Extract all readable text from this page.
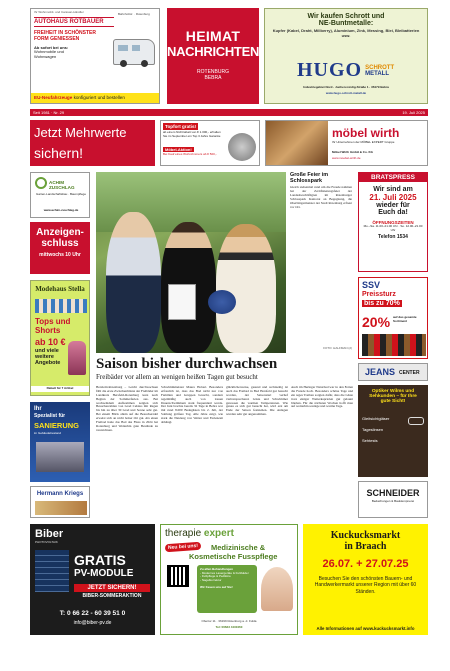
Ihr Wohnmobil- und Caravan-Händler
AUTOHAUS ROTBAUER
FREIHEIT IN SCHÖNSTER
FORM GENIESSEN
Ab sofort bei uns:
Wohnmobile und
Wohnwagen
Bahnhofstr. · Rotenburg
EU-Neufahrzeuge konfiguriert und bestellen
HEIMAT
NACHRICHTEN
ROTENBURG
BEBRA
Wir kaufen Schrott und
NE-Buntmetalle:
Kupfer (Kabel, Draht, Millberry), Aluminium, Zink, Messing, Blei, Bleibatterien usw.
HUGO SCHROTT
METALL
Industriegebiet Nord · Juchen-Lindig-Straße 1 · 36179 Bebra
www.hugo-schrott-metall.de
Seit 1981 · Nr. 29	19. Juli 2025
Jetzt Mehrwerte
sichern!
Topfort gratis!
ab einem Nichtrabatt von € 1.000,- erhalten Sie im September ein Top 3 Jahre Garantie
Möbel-Aktion!
Bei Kauf eines Wohnzimmers ab € 500,-
möbel wirth
Ihr Unternehmen der MÖBEL EXPERT Gruppe
Möbel Wirth GmbH & Co. KG
www.moebel-wirth.de
ACHIM ZUSCHLAG
Garten-Landschaftsbau · Baumpflege
www.achim-zuschlag.de
Anzeigen-
schluss
mittwochs 10 Uhr
Modehaus Stella
Tops und
Shorts
ab 10 €
und viele
weitere
Angebote
Rabatt für 7 Artikel
Ihr
Spezialist für
SANIERUNG
im Gebäudebestand
Hermann Kriegs
Große Feier im Schlosspark
Gleich siebenmal rund um die Freude nahmen bei der Zertifizierungsfeier der Landesbeschäftigten im Rotenburger Schlosspark Kantorat an Begegnung, die Oberbürgermeister der Stadt Rotenburg erfreut vor Ort.
FOTO: HALFMAN (2)
Saison bisher durchwachsen
Freibäder vor allem an wenigen heißen Tagen gut besucht
Hersfeld-Rotenburg – Leicht durchwachsen fällt die erste Zwischenbilanz der Freibäder im Landkreis Hersfeld-Rotenburg kurz nach Beginn der Sommerferien aus. Bei wechselndem Aufkommen zeigten sich Besucherzahlen von Grad Celsius mit Regen bis hin zu über 30 Grad und Sonne sehr gut. Bei einem Blick allein auf die Besucherzahl erweist sich an nicht hoher Ort gut. Als einen Freibad hatte das Bad das Fluss in 2024 bei Rotenburg und Weiterhin gute Bestände zu verzeichnen.
Schwimmmeister Maura Hobert. Besonders erfreulich ist, dass das Bad nicht nur von Familien und Gruppen besucht, sondern regelmäßig auch von treuen Dauerschwimmern stark frequentiert werde. Der Juni brachte bereits 32 Tage in Bebra war mit rund 8.000 Badegästen bis 2. Juli, der Sohlung größere Tag. Alle Jahre zeigt, wie stark die Nutzung von Wetter und Ferienzeit abhängt.
glücklicherweise, gesund und rechtzeitig ist auch das Freibad in Bad Hersfeld gut besucht worden, der Saisonstart verlief vielversprechend. Gäste und Schwimmer genossen die warmen Temperaturen. Wie genau es sich gut besucht hat, wird erst am Ende der Saison feststehen. Die Anlagen wurden sehr gut angenommen.
Auch im Heringer Naturbad war in den Ferien die Freude hoch. Besonders schöne Tage und ein reges Treiben sorgten dafür, dass die Gäste trotz einiger Wetterkapriolen gut gelaunt blieben. Für die nächsten Wochen hofft man auf weiterhin sonnige und warme Tage.
BRATSPRESS
Wir sind am
21. Juli 2025
wieder für
Euch da!
ÖFFNUNGSZEITEN
Mo.–Sa. 11.00–21.00 Uhr · So. 12.00–21.00 Uhr
Telefon 1534
SSV
Preissturz
bis zu 70%
20% auf das gesamte Sortiment
JEANS CENTER
Optiker Wilms und
Sehkunden – für Ihre
gute Sicht!
Gleitsichtgläser
Tageslinsen
Sehtests
SCHNEIDER
Bedachungen & Bauklempnerei
Biber
PHOTOVOLTAIK
GRATIS
PV-MODULE
JETZT SICHERN!
BIBER-SOMMERAKTION
T: 0 66 22 - 60 39 51 0
info@biber-pv.de
therapie expert
Neu bei uns!	Medizinische &
Kosmetische Fusspflege
Zu allen Behandlungen
- Modernes Lasergeräte & Fußbäder
- Fußpflege & Pediküre
- Nagelkorrektur
Wir freuen uns auf Sie!
Obertor 11 · 36199 Rotenburg a. d. Fulda
Tel: 06623 4430460
Kuckucksmarkt
in Braach
26.07. + 27.07.25
Besuchen Sie den schönsten Bauern- und Handwerkermarkt unserer Region mit über 60 Ständen.
Alle Informationen auf www.kuckucksmarkt.info
